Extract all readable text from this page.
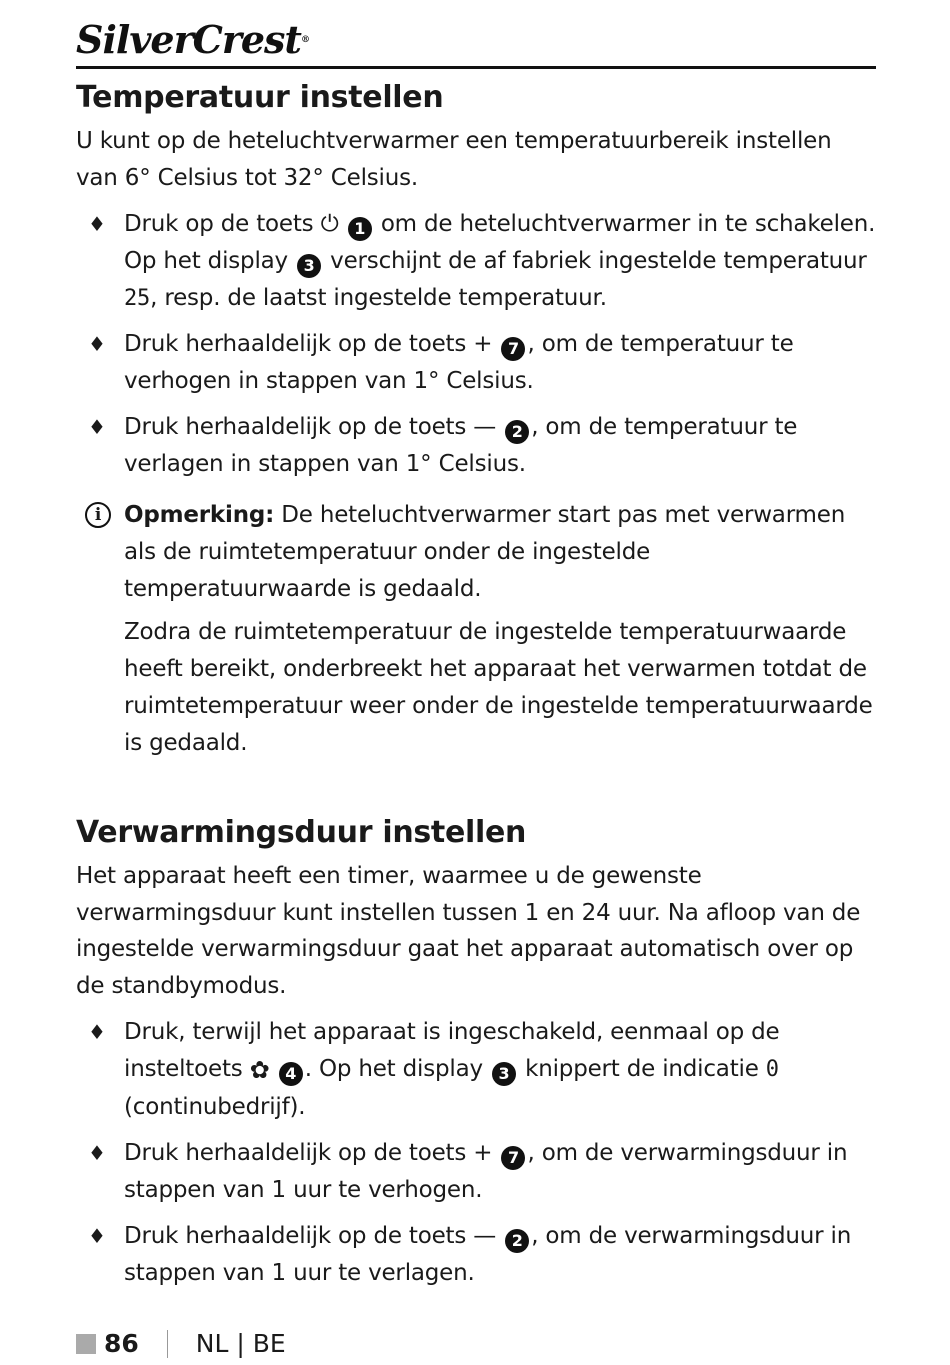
SilverCrest®
Temperatuur instellen

U kunt op de heteluchtverwarmer een temperatuurbereik instellen van 6° Celsius tot 32° Celsius.

♦ Druk op de toets ⏻ 1 om de heteluchtverwarmer in te schakelen. Op het display 3 verschijnt de af fabriek ingestelde temperatuur 25, resp. de laatst ingestelde temperatuur.
♦ Druk herhaaldelijk op de toets + 7 , om de temperatuur te verhogen in stappen van 1° Celsius.
♦ Druk herhaaldelijk op de toets — 2 , om de temperatuur te verlagen in stappen van 1° Celsius.
i Opmerking: De heteluchtverwarmer start pas met verwarmen als de ruimtetemperatuur onder de ingestelde temperatuurwaarde is gedaald.

Zodra de ruimtetemperatuur de ingestelde temperatuurwaarde heeft bereikt, onderbreekt het apparaat het verwarmen totdat de ruimtetemperatuur weer onder de ingestelde temperatuurwaarde is gedaald.

Verwarmingsduur instellen

Het apparaat heeft een timer, waarmee u de gewenste verwarmingsduur kunt instellen tussen 1 en 24 uur. Na afloop van de ingestelde verwarmingsduur gaat het apparaat automatisch over op de standbymodus.

♦ Druk, terwijl het apparaat is ingeschakeld, eenmaal op de insteltoets ✿ 4 . Op het display 3 knippert de indicatie 0 (continubedrijf).
♦ Druk herhaaldelijk op de toets + 7 , om de verwarmingsduur in stappen van 1 uur te verhogen.
♦ Druk herhaaldelijk op de toets — 2 , om de verwarmingsduur in stappen van 1 uur te verlagen.
86 NL | BE
